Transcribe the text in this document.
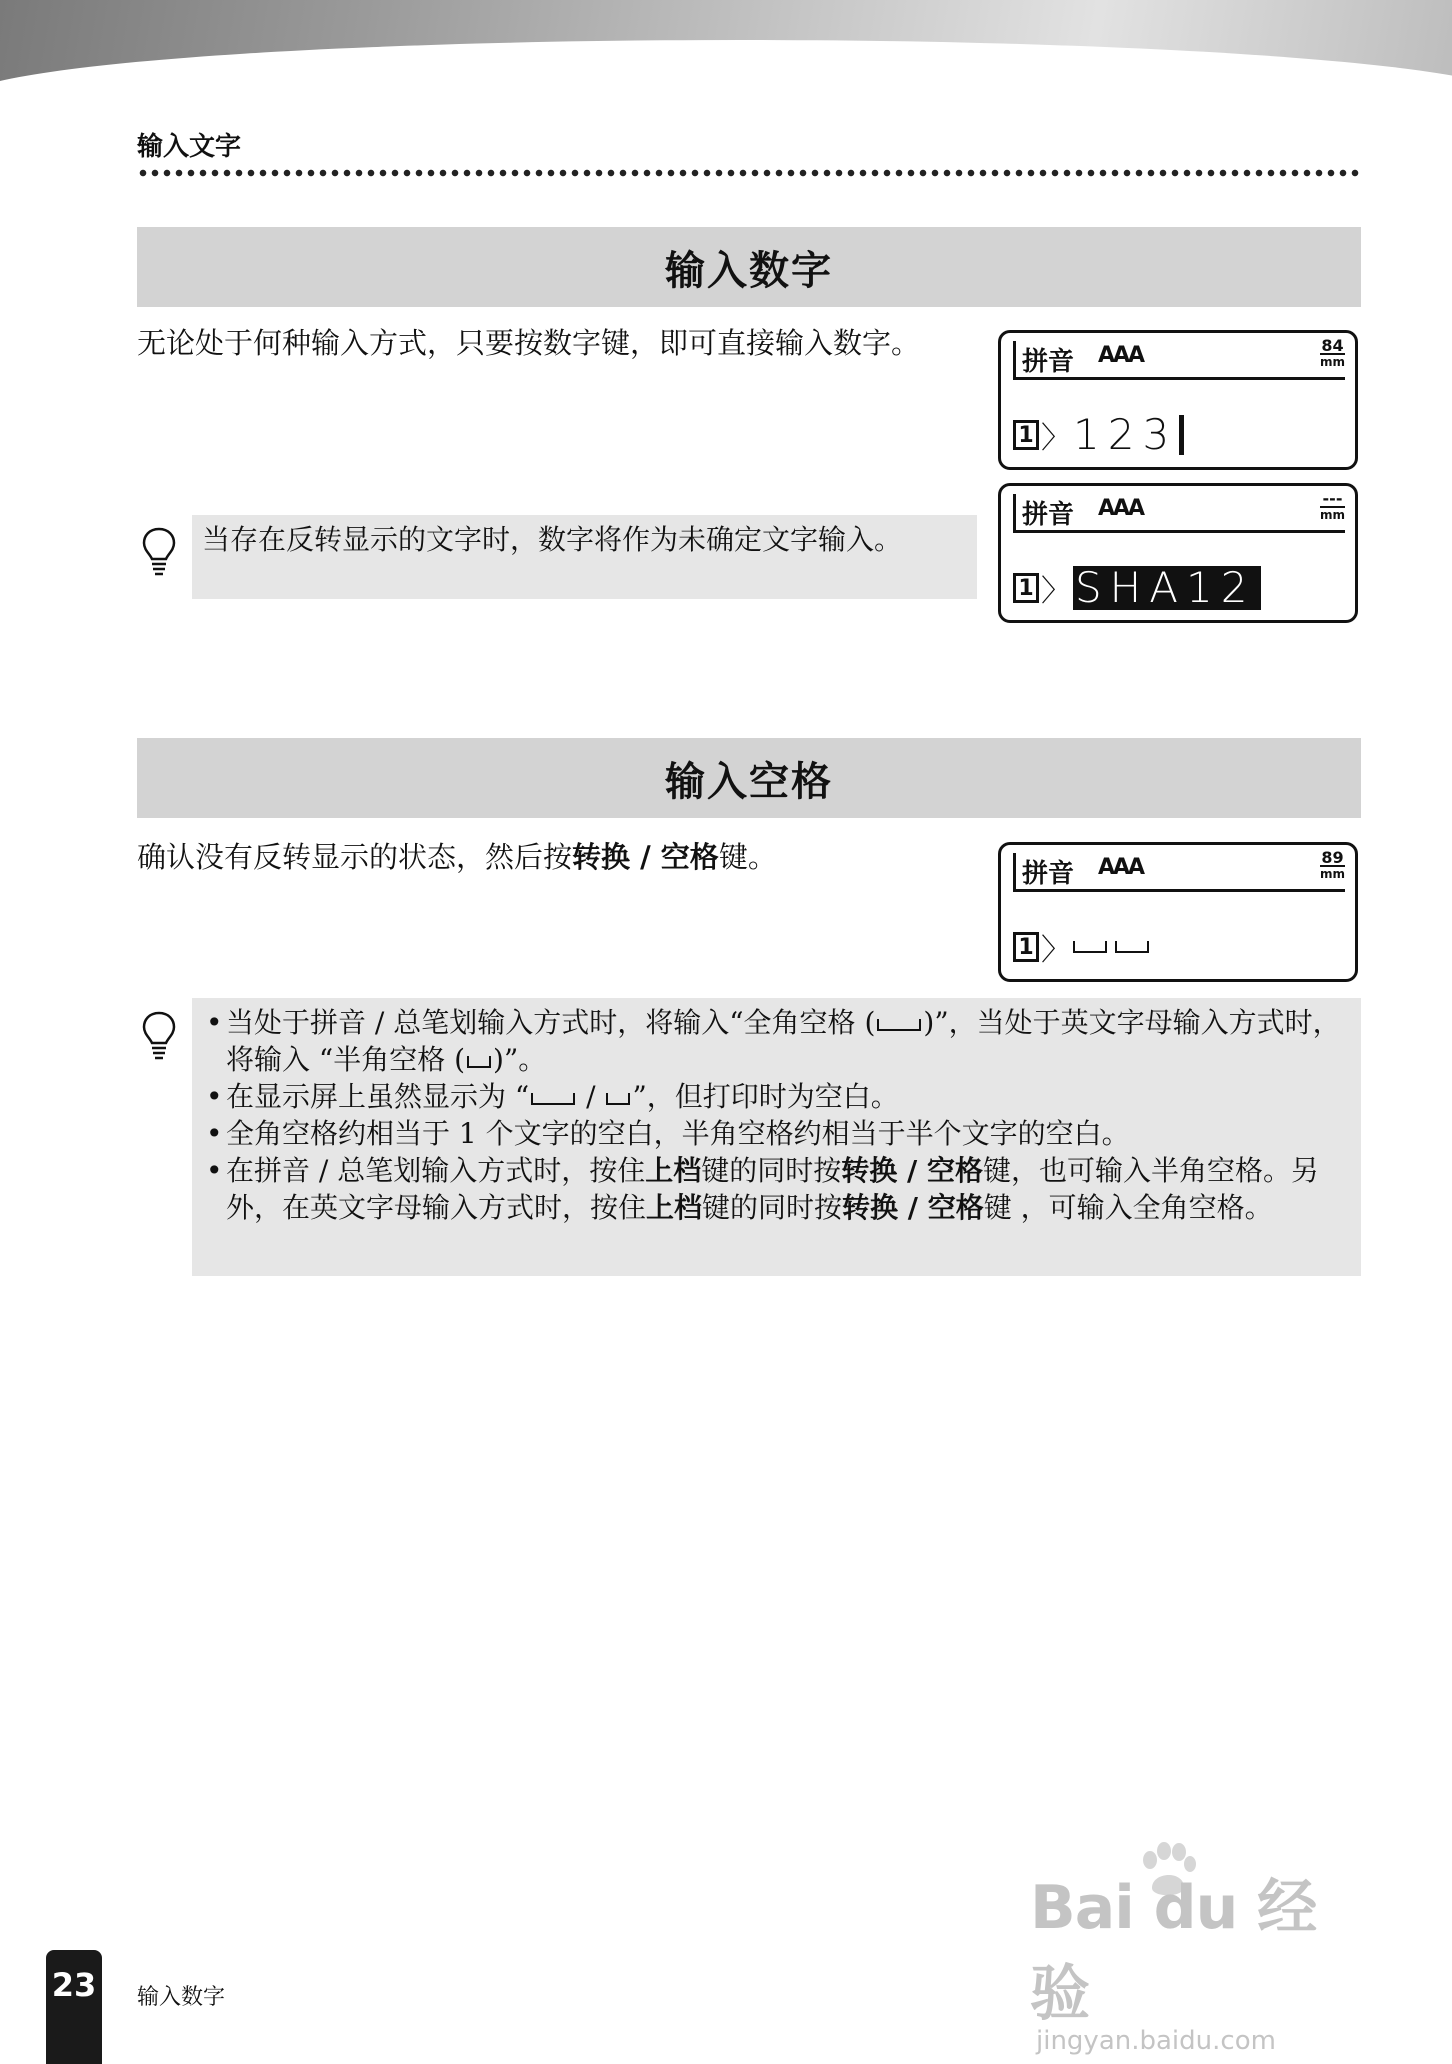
输入文字
输入数字
无论处于何种输入方式，只要按数字键，即可直接输入数字。
当存在反转显示的文字时，数字将作为未确定文字输入。
拼音 AAA	84
mm
1 〉 123
拼音 AAA	---
mm
1 〉 SHA12
输入空格
确认没有反转显示的状态，然后按转换 / 空格键。	拼音 AAA	89
mm
1 〉
• 当处于拼音 / 总笔划输入方式时，将输入“全角空格 ( )”，当处于英文字母输入方式时，将输入 “半角空格 ( )”。
• 在显示屏上虽然显示为 “ / ”，但打印时为空白。
• 全角空格约相当于 1 个文字的空白，半角空格约相当于半个文字的空白。
• 在拼音 / 总笔划输入方式时，按住上档键的同时按转换 / 空格键，也可输入半角空格。另外，在英文字母输入方式时，按住上档键的同时按转换 / 空格键 ，可输入全角空格。
23 输入数字
Bai du 经验
jingyan.baidu.com
